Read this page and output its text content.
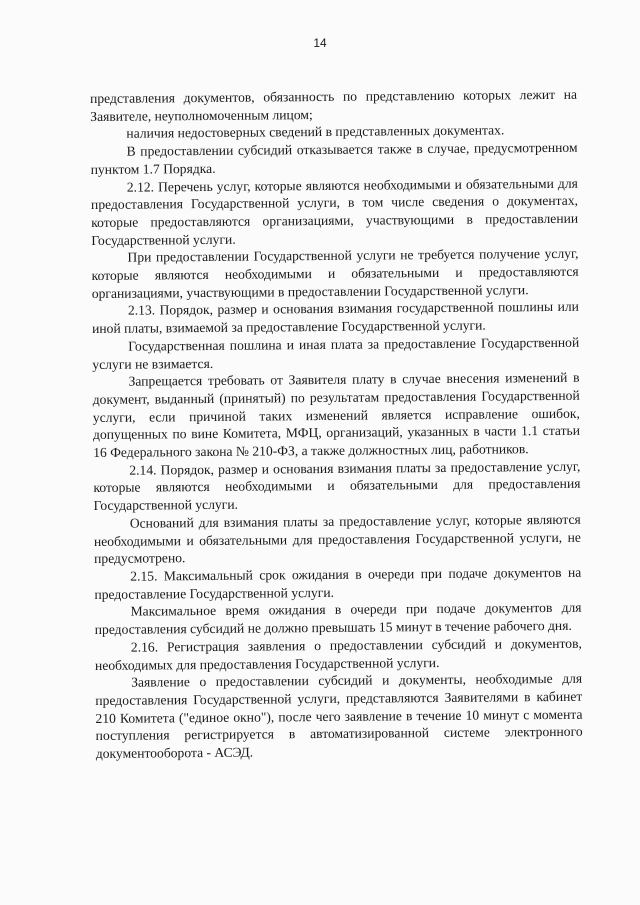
14

представления документов, обязанность по представлению которых лежит на Заявителе, неуполномоченным лицом;

наличия недостоверных сведений в представленных документах.

В предоставлении субсидий отказывается также в случае, предусмотренном пунктом 1.7 Порядка.

2.12. Перечень услуг, которые являются необходимыми и обязательными для предоставления Государственной услуги, в том числе сведения о документах, которые предоставляются организациями, участвующими в предоставлении Государственной услуги.

При предоставлении Государственной услуги не требуется получение услуг, которые являются необходимыми и обязательными и предоставляются организациями, участвующими в предоставлении Государственной услуги.

2.13. Порядок, размер и основания взимания государственной пошлины или иной платы, взимаемой за предоставление Государственной услуги.

Государственная пошлина и иная плата за предоставление Государственной услуги не взимается.

Запрещается требовать от Заявителя плату в случае внесения изменений в документ, выданный (принятый) по результатам предоставления Государственной услуги, если причиной таких изменений является исправление ошибок, допущенных по вине Комитета, МФЦ, организаций, указанных в части 1.1 статьи 16 Федерального закона № 210-ФЗ, а также должностных лиц, работников.

2.14. Порядок, размер и основания взимания платы за предоставление услуг, которые являются необходимыми и обязательными для предоставления Государственной услуги.

Оснований для взимания платы за предоставление услуг, которые являются необходимыми и обязательными для предоставления Государственной услуги, не предусмотрено.

2.15. Максимальный срок ожидания в очереди при подаче документов на предоставление Государственной услуги.

Максимальное время ожидания в очереди при подаче документов для предоставления субсидий не должно превышать 15 минут в течение рабочего дня.

2.16. Регистрация заявления о предоставлении субсидий и документов, необходимых для предоставления Государственной услуги.

Заявление о предоставлении субсидий и документы, необходимые для предоставления Государственной услуги, представляются Заявителями в кабинет 210 Комитета ("единое окно"), после чего заявление в течение 10 минут с момента поступления регистрируется в автоматизированной системе электронного документооборота - АСЭД.
